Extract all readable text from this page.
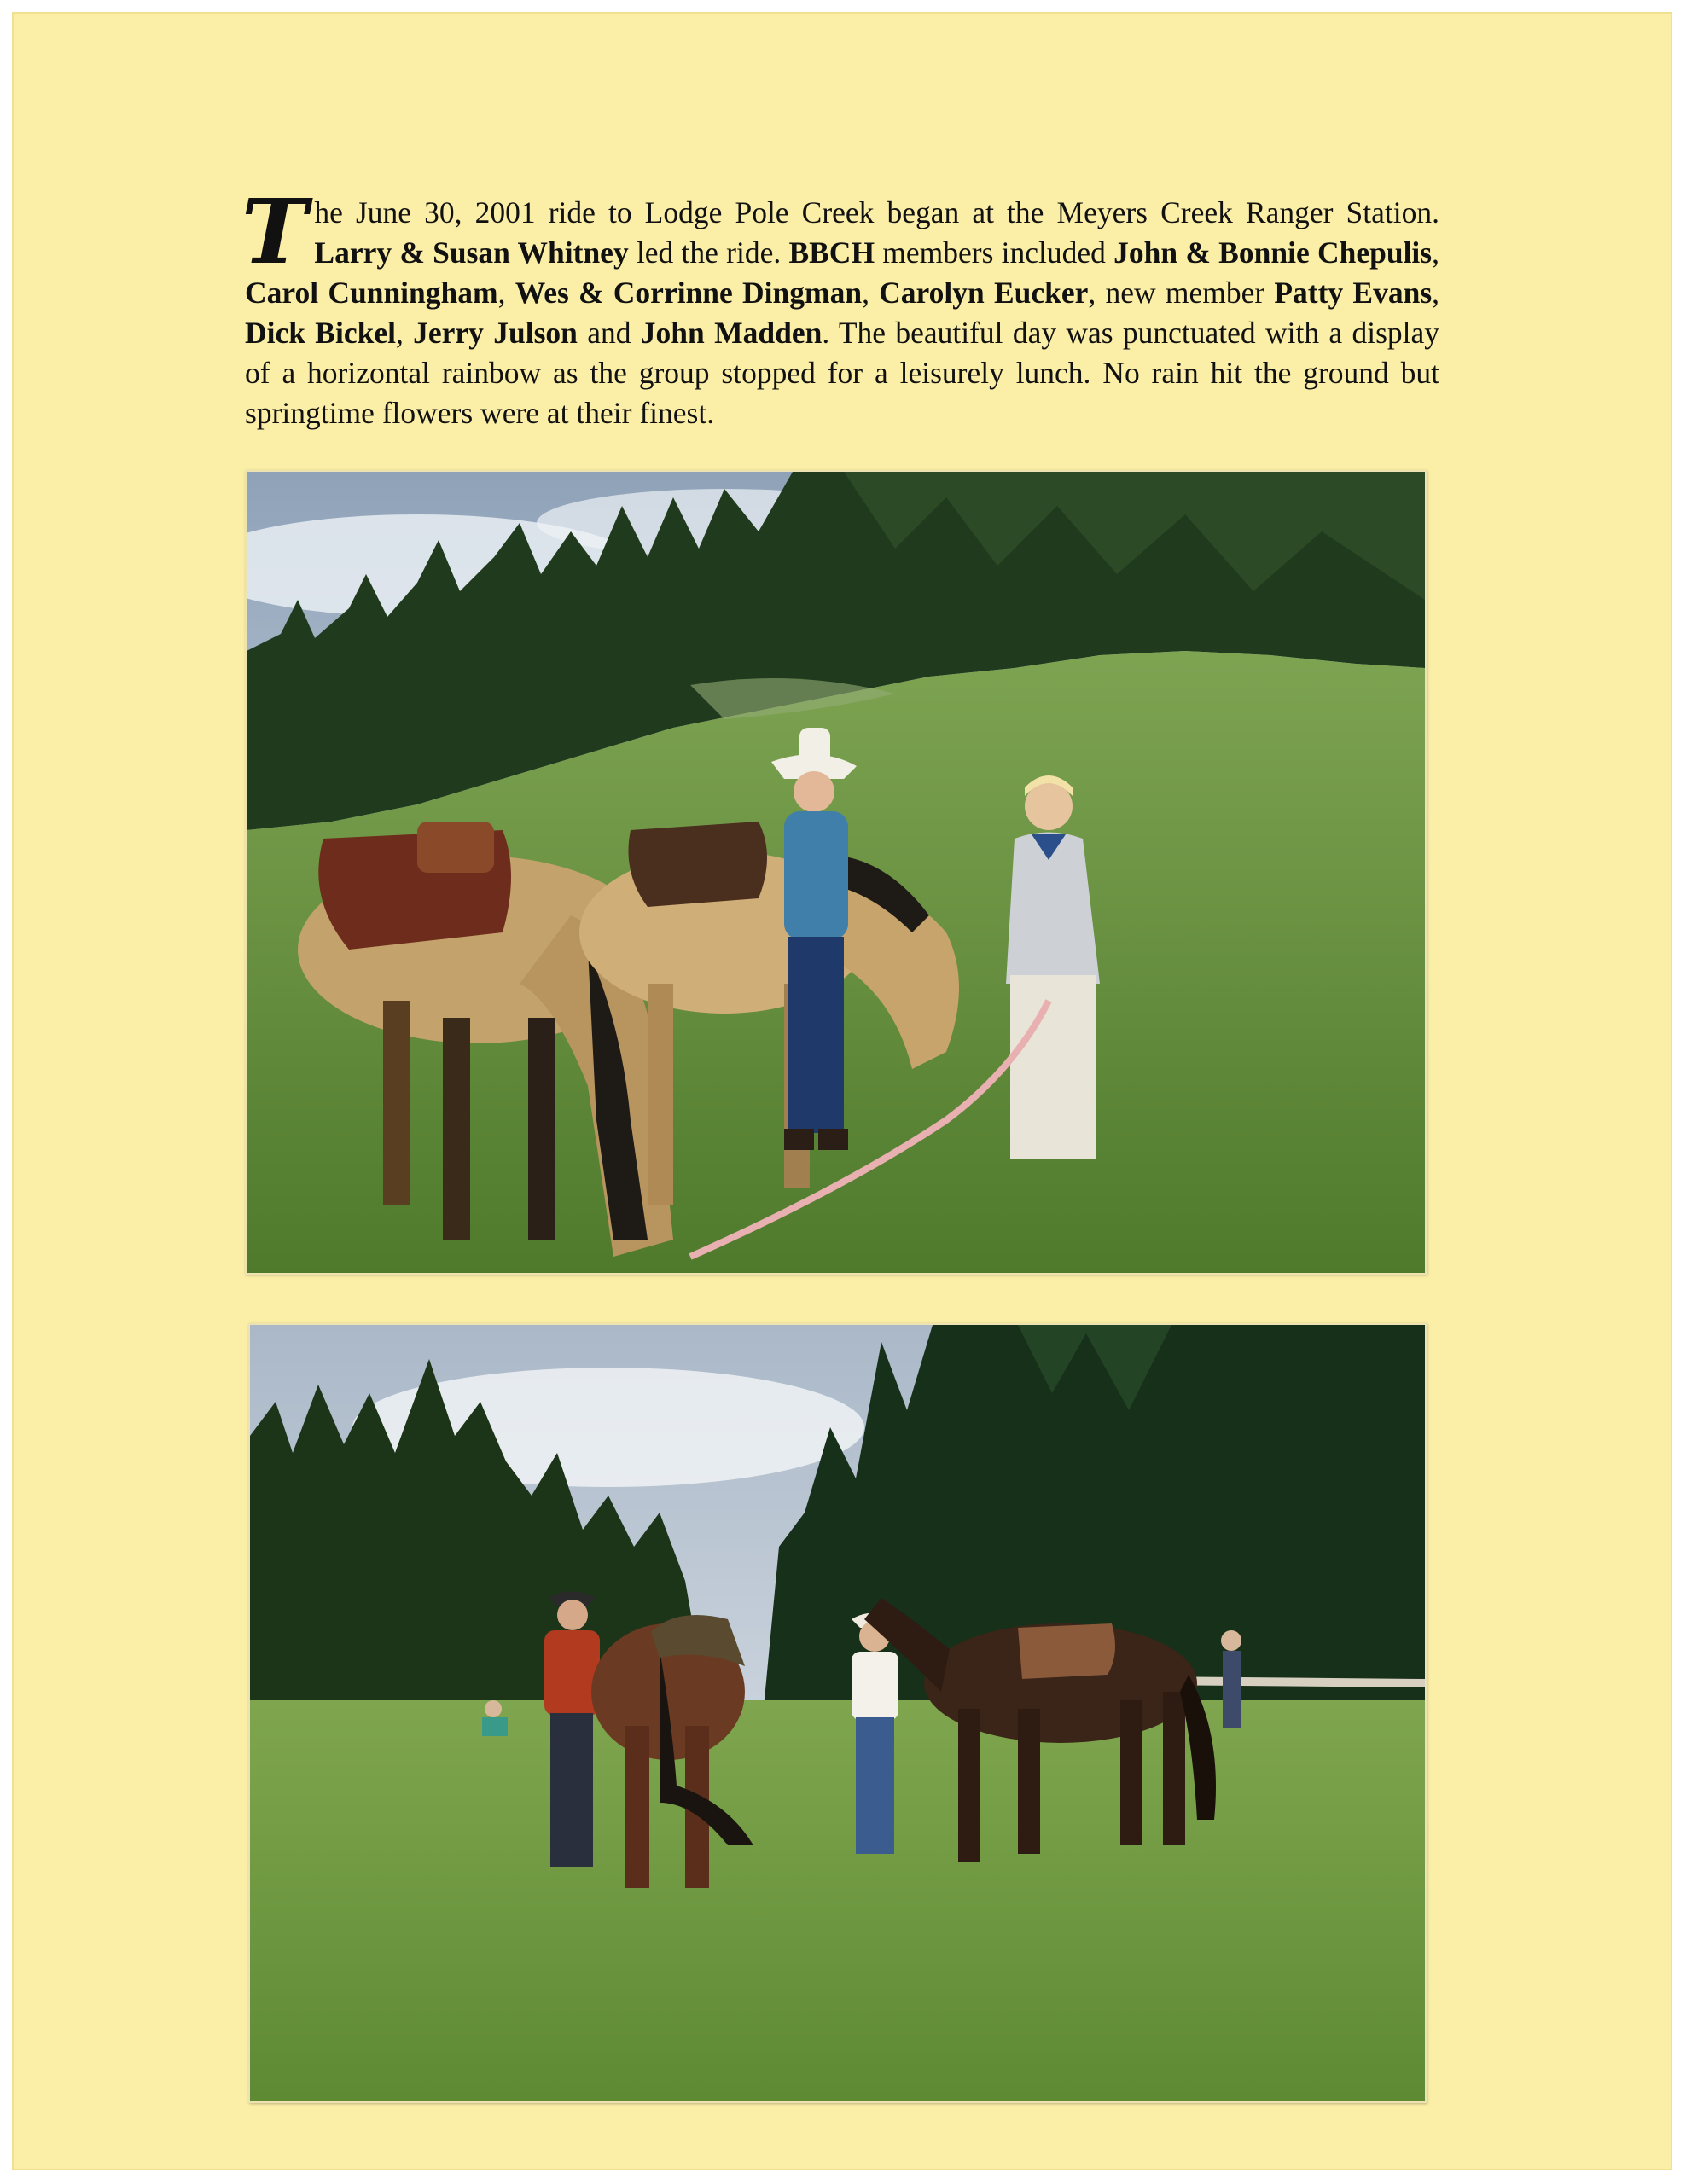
The June 30, 2001 ride to Lodge Pole Creek began at the Meyers Creek Ranger Station. Larry & Susan Whitney led the ride. BBCH members included John & Bonnie Chepulis, Carol Cunningham, Wes & Corrinne Dingman, Carolyn Eucker, new member Patty Evans, Dick Bickel, Jerry Julson and John Madden. The beautiful day was punctuated with a display of a horizontal rainbow as the group stopped for a leisurely lunch. No rain hit the ground but springtime flowers were at their finest.
